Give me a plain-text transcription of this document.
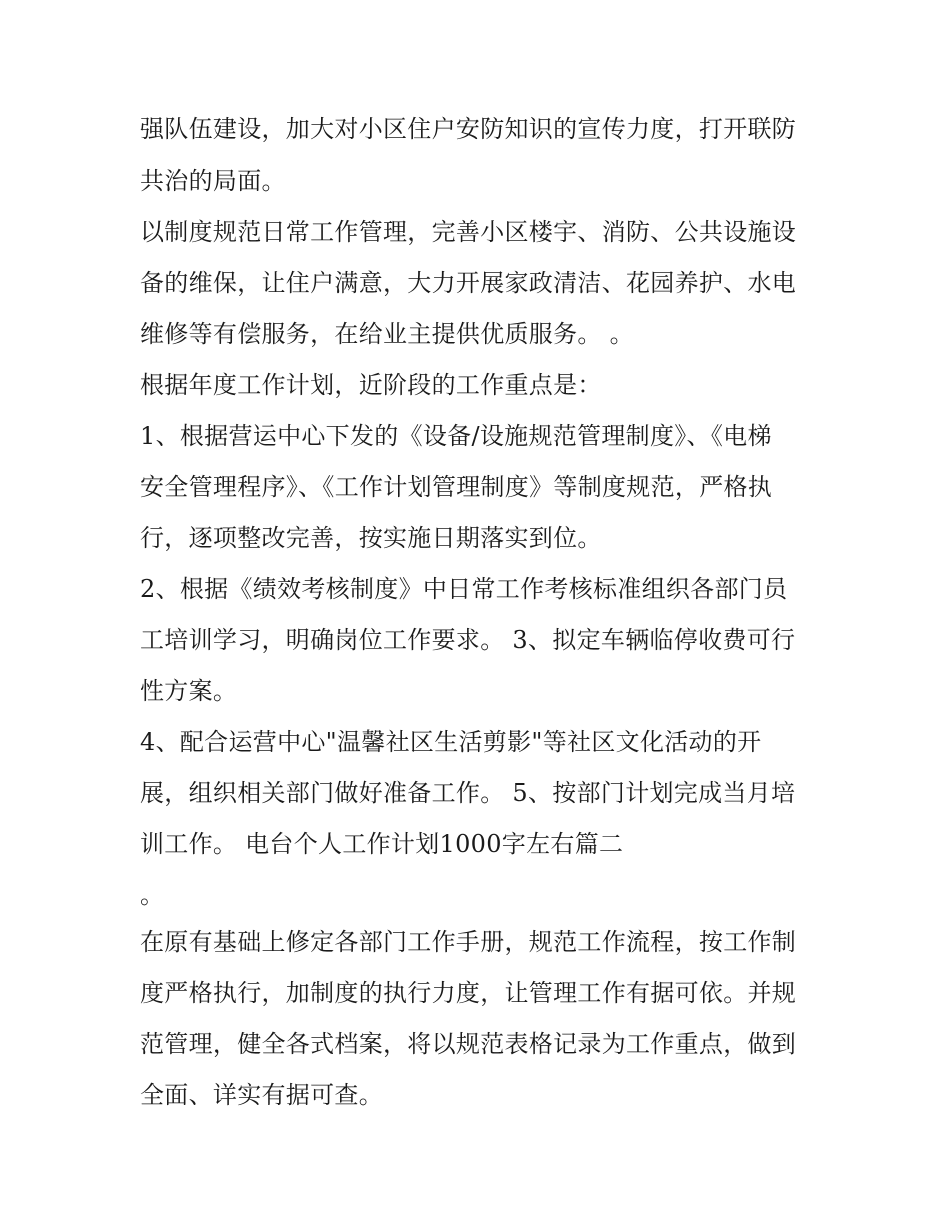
强队伍建设，加大对小区住户安防知识的宣传力度，打开联防
共治的局面。
以制度规范日常工作管理，完善小区楼宇、消防、公共设施设
备的维保，让住户满意，大力开展家政清洁、花园养护、水电
维修等有偿服务，在给业主提供优质服务。 。
根据年度工作计划，近阶段的工作重点是：
1、根据营运中心下发的《设备/设施规范管理制度》、《电梯
安全管理程序》、《工作计划管理制度》等制度规范，严格执
行，逐项整改完善，按实施日期落实到位。
2、根据《绩效考核制度》中日常工作考核标准组织各部门员
工培训学习，明确岗位工作要求。 3、拟定车辆临停收费可行
性方案。
4、配合运营中心"温馨社区生活剪影"等社区文化活动的开
展，组织相关部门做好准备工作。 5、按部门计划完成当月培
训工作。 电台个人工作计划1000字左右篇二
。
在原有基础上修定各部门工作手册，规范工作流程，按工作制
度严格执行，加制度的执行力度，让管理工作有据可依。并规
范管理，健全各式档案，将以规范表格记录为工作重点，做到
全面、详实有据可查。
